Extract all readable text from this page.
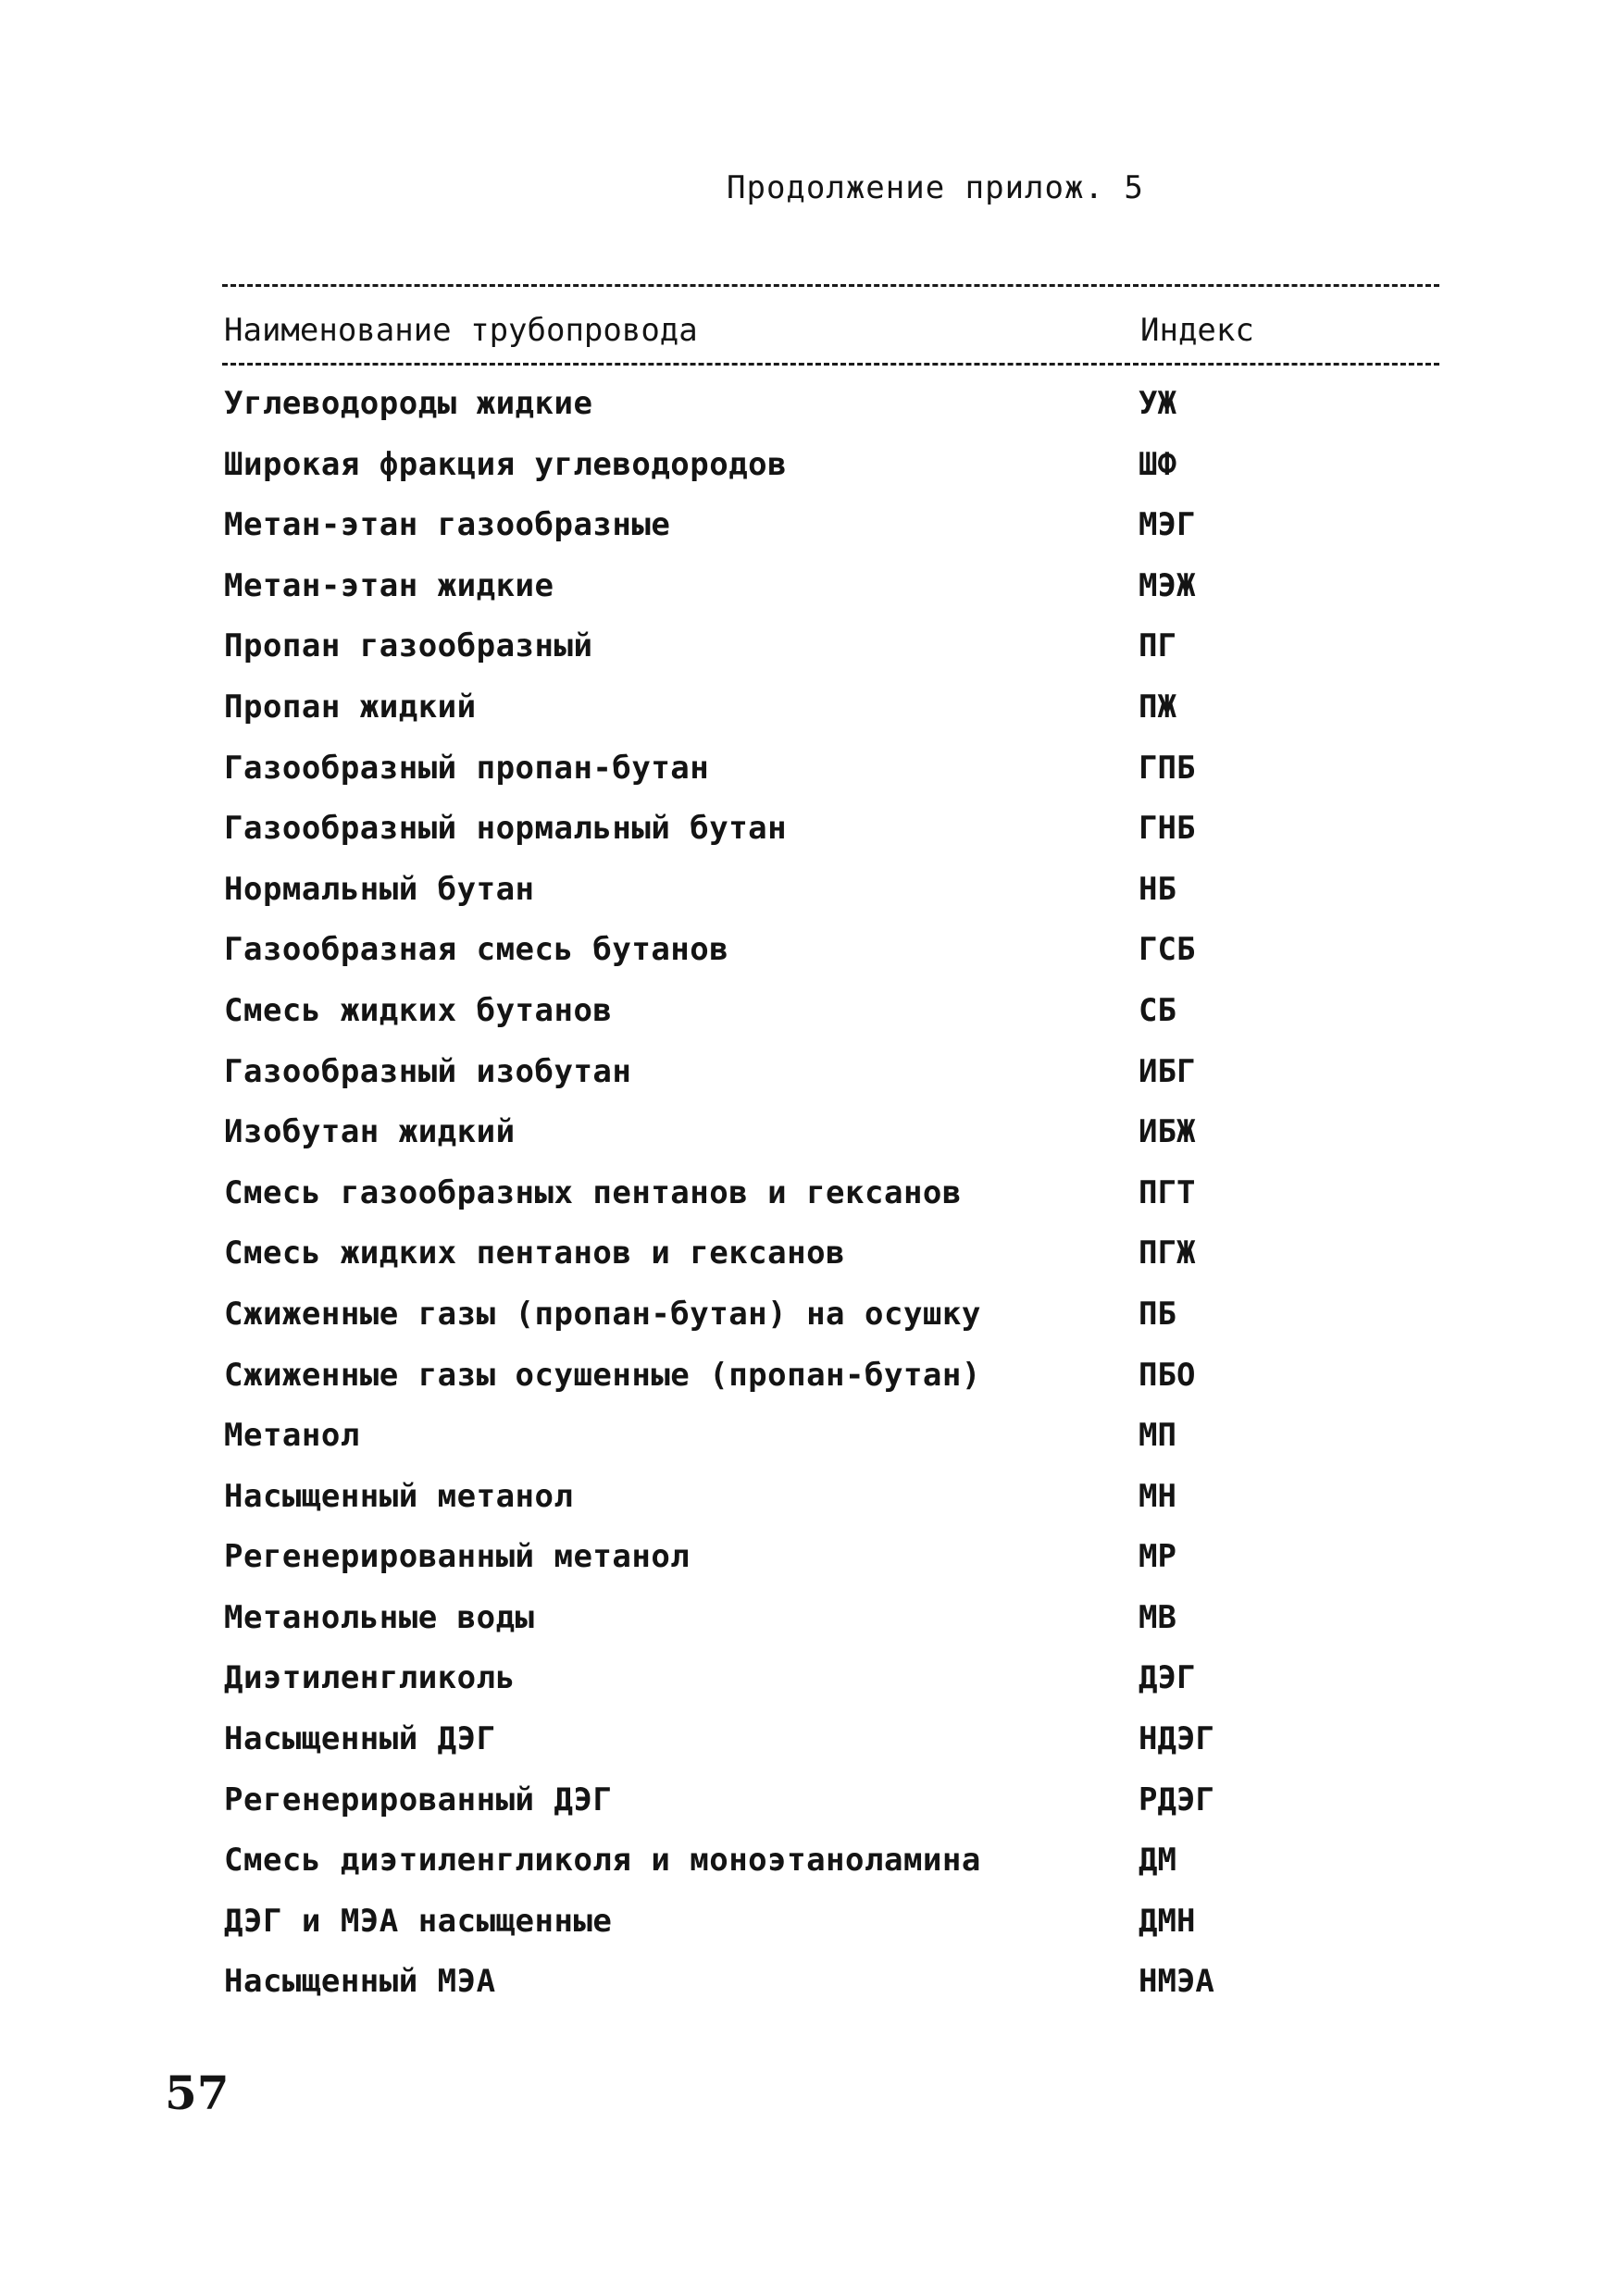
Продолжение прилож. 5
Наименование трубопровода	Индекс
Углеводороды жидкие	УЖ
Широкая фракция углеводородов	ШФ
Метан-этан газообразные	МЭГ
Метан-этан жидкие	МЭЖ
Пропан газообразный	ПГ
Пропан жидкий	ПЖ
Газообразный пропан-бутан	ГПБ
Газообразный нормальный бутан	ГНБ
Нормальный бутан	НБ
Газообразная смесь бутанов	ГСБ
Смесь жидких бутанов	СБ
Газообразный изобутан	ИБГ
Изобутан жидкий	ИБЖ
Смесь газообразных пентанов и гексанов	ПГТ
Смесь жидких пентанов и гексанов	ПГЖ
Сжиженные газы (пропан-бутан) на осушку	ПБ
Сжиженные газы осушенные (пропан-бутан)	ПБО
Метанол	МП
Насыщенный метанол	МН
Регенерированный метанол	МР
Метанольные воды	МВ
Диэтиленгликоль	ДЭГ
Насыщенный ДЭГ	НДЭГ
Регенерированный ДЭГ	РДЭГ
Смесь диэтиленгликоля и моноэтаноламина	ДМ
ДЭГ и МЭА насыщенные	ДМН
Насыщенный МЭА	НМЭА
57
